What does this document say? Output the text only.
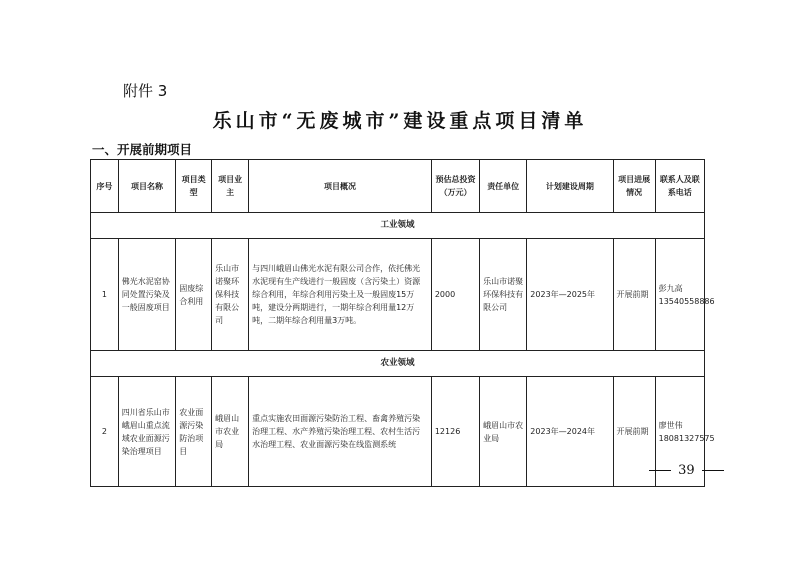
附件 3
乐山市“无废城市”建设重点项目清单
一、开展前期项目
序号	项目名称	项目类型	项目业主	项目概况	预估总投资（万元）	责任单位	计划建设周期	项目进展情况	联系人及联系电话
工业领域									
1	佛光水泥窑协同处置污染及一般固废项目	固废综合利用	乐山市诺聚环保科技有限公司	与四川峨眉山佛光水泥有限公司合作，依托佛光水泥现有生产线进行一般固废（含污染土）资源综合利用，年综合利用污染土及一般固废15万吨，建设分两期进行，一期年综合利用量12万吨，二期年综合利用量3万吨。	2000	乐山市诺聚环保科技有限公司	2023年—2025年	开展前期	彭九高 13540558886
农业领域									
2	四川省乐山市峨眉山重点流域农业面源污染治理项目	农业面源污染防治项目	峨眉山市农业局	重点实施农田面源污染防治工程、畜禽养殖污染治理工程、水产养殖污染治理工程、农村生活污水治理工程、农业面源污染在线监测系统	12126	峨眉山市农业局	2023年—2024年	开展前期	廖世伟 18081327575
39
